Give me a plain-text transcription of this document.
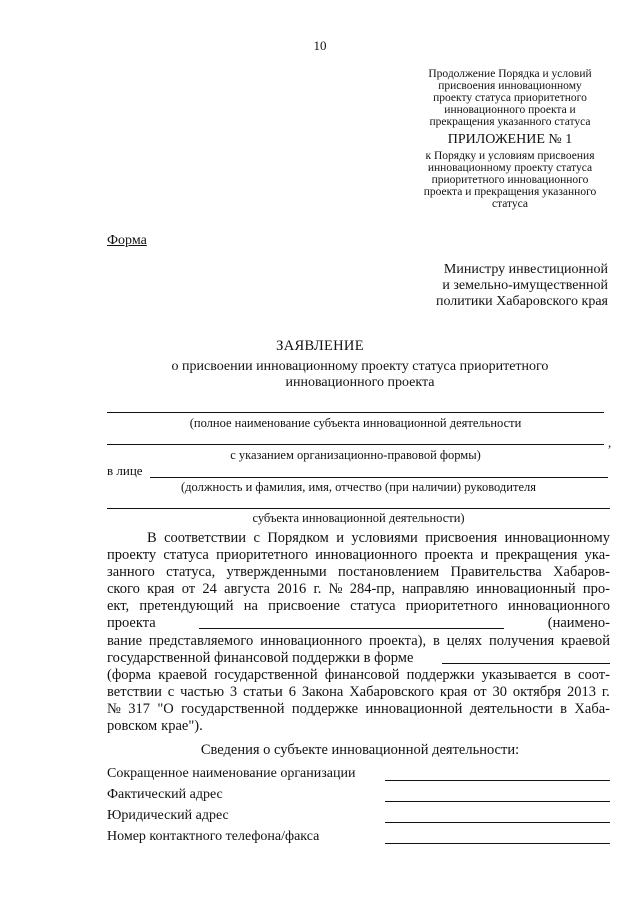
10
Продолжение Порядка и условий
присвоения инновационному
проекту статуса приоритетного
инновационного проекта и
прекращения указанного статуса
ПРИЛОЖЕНИЕ № 1
к Порядку и условиям присвоения
инновационному проекту статуса
приоритетного инновационного
проекта и прекращения указанного
статуса
Форма
Министру инвестиционной
и земельно-имущественной
политики Хабаровского края
ЗАЯВЛЕНИЕ
о присвоении инновационному проекту статуса приоритетного
инновационного проекта
(полное наименование субъекта инновационной деятельности
,
с указанием организационно-правовой формы)
в лице
(должность и фамилия, имя, отчество (при наличии) руководителя
субъекта инновационной деятельности)
В соответствии с Порядком и условиями присвоения инновационному
проекту статуса приоритетного инновационного проекта и прекращения ука-
занного статуса, утвержденными постановлением Правительства Хабаров-
ского края от 24 августа 2016 г. № 284-пр, направляю инновационный про-
ект, претендующий на присвоение статуса приоритетного инновационного
проекта	(наимено-
вание представляемого инновационного проекта), в целях получения краевой
государственной финансовой поддержки в форме
(форма краевой государственной финансовой поддержки указывается в соот-
ветствии с частью 3 статьи 6 Закона Хабаровского края от 30 октября 2013 г.
№ 317 "О государственной поддержке инновационной деятельности в Хаба-
ровском крае").
Сведения о субъекте инновационной деятельности:
Сокращенное наименование организации
Фактический адрес
Юридический адрес
Номер контактного телефона/факса
